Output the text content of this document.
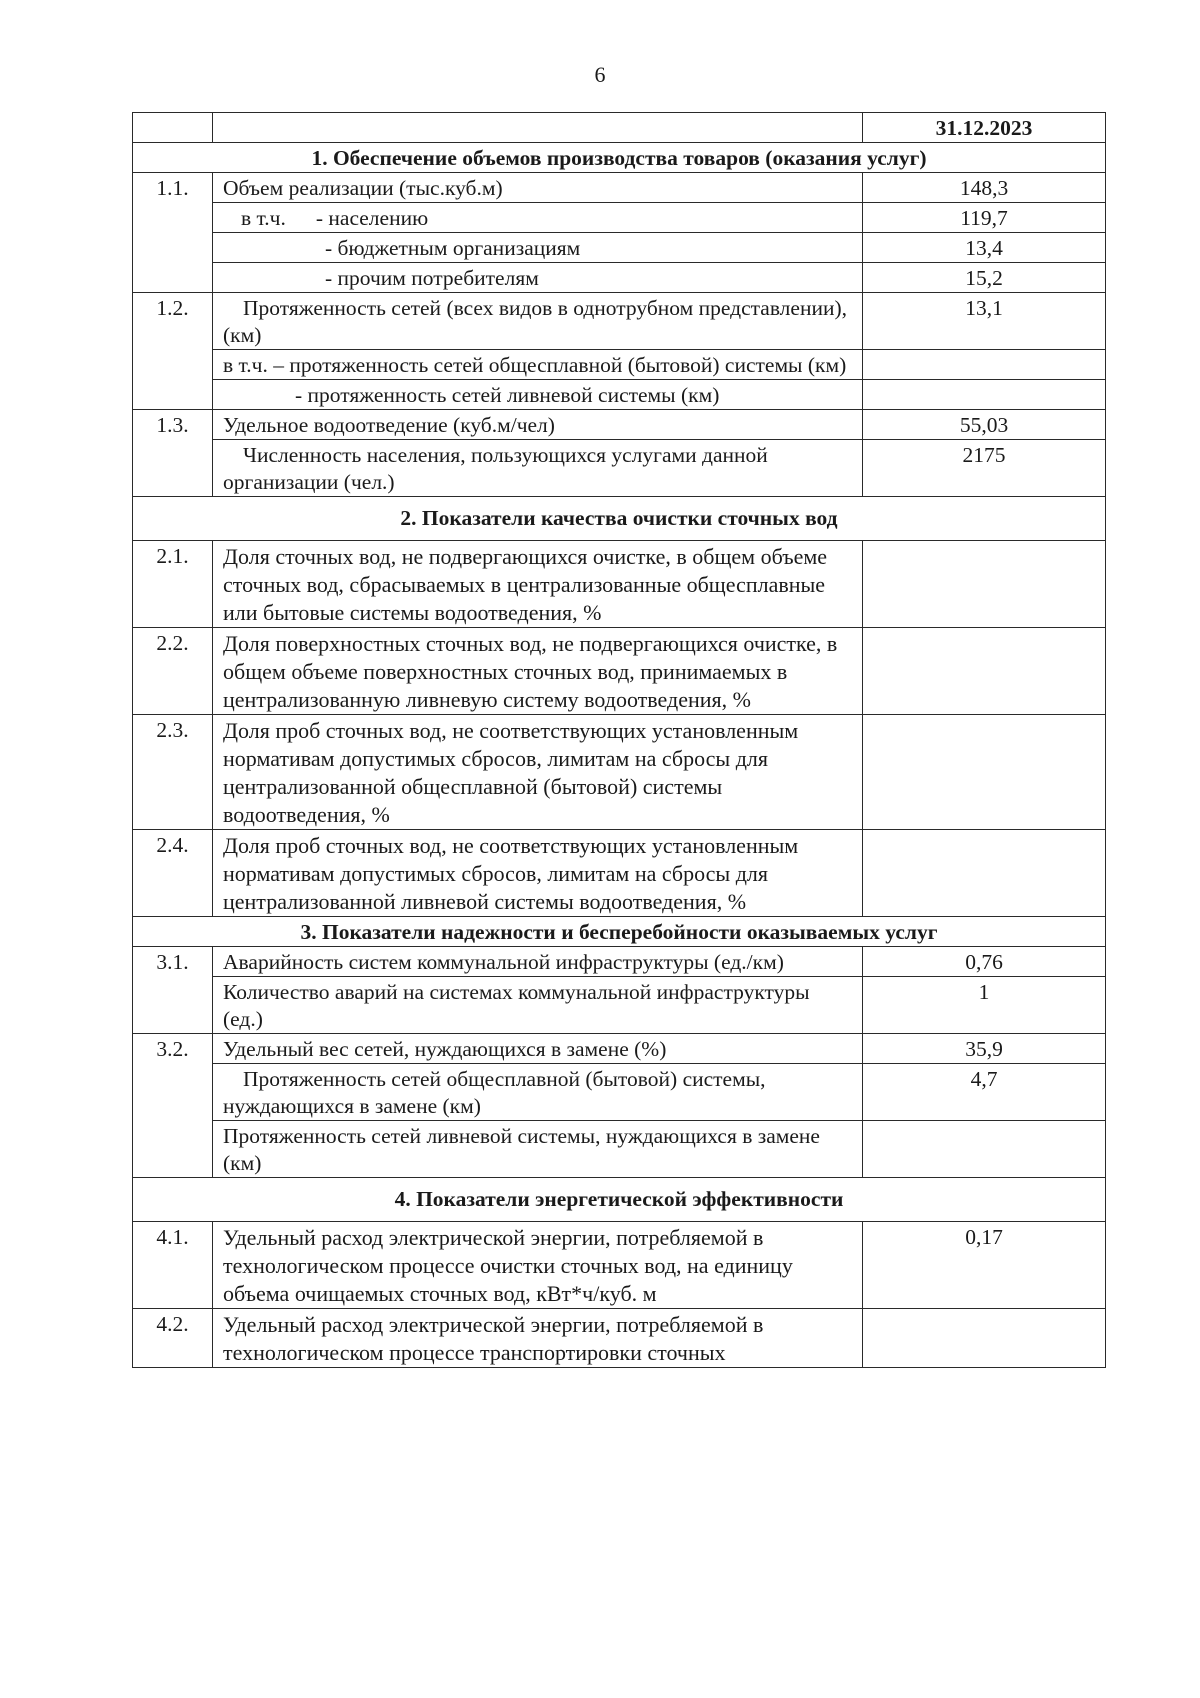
6
		31.12.2023
1. Обеспечение объемов производства товаров (оказания услуг)		
1.1.	Объем реализации (тыс.куб.м)	148,3
	в т.ч. - населению	119,7
	- бюджетным организациям	13,4
	- прочим потребителям	15,2
1.2.	Протяженность сетей (всех видов в однотрубном представлении), (км)	13,1
	в т.ч. – протяженность сетей общесплавной (бытовой) системы (км)	
	- протяженность сетей ливневой системы (км)	
1.3.	Удельное водоотведение (куб.м/чел)	55,03
	Численность населения, пользующихся услугами данной организации (чел.)	2175
2. Показатели качества очистки сточных вод		
2.1.	Доля сточных вод, не подвергающихся очистке, в общем объеме сточных вод, сбрасываемых в централизованные общесплавные или бытовые системы водоотведения, %	
2.2.	Доля поверхностных сточных вод, не подвергающихся очистке, в общем объеме поверхностных сточных вод, принимаемых в централизованную ливневую систему водоотведения, %	
2.3.	Доля проб сточных вод, не соответствующих установленным нормативам допустимых сбросов, лимитам на сбросы для централизованной общесплавной (бытовой) системы водоотведения, %	
2.4.	Доля проб сточных вод, не соответствующих установленным нормативам допустимых сбросов, лимитам на сбросы для централизованной ливневой системы водоотведения, %	
3. Показатели надежности и бесперебойности оказываемых услуг		
3.1.	Аварийность систем коммунальной инфраструктуры (ед./км)	0,76
	Количество аварий на системах коммунальной инфраструктуры (ед.)	1
3.2.	Удельный вес сетей, нуждающихся в замене (%)	35,9
	Протяженность сетей общесплавной (бытовой) системы, нуждающихся в замене (км)	4,7
	Протяженность сетей ливневой системы, нуждающихся в замене (км)	
4. Показатели энергетической эффективности		
4.1.	Удельный расход электрической энергии, потребляемой в технологическом процессе очистки сточных вод, на единицу объема очищаемых сточных вод, кВт*ч/куб. м	0,17
4.2.	Удельный расход электрической энергии, потребляемой в технологическом процессе транспортировки сточных	
